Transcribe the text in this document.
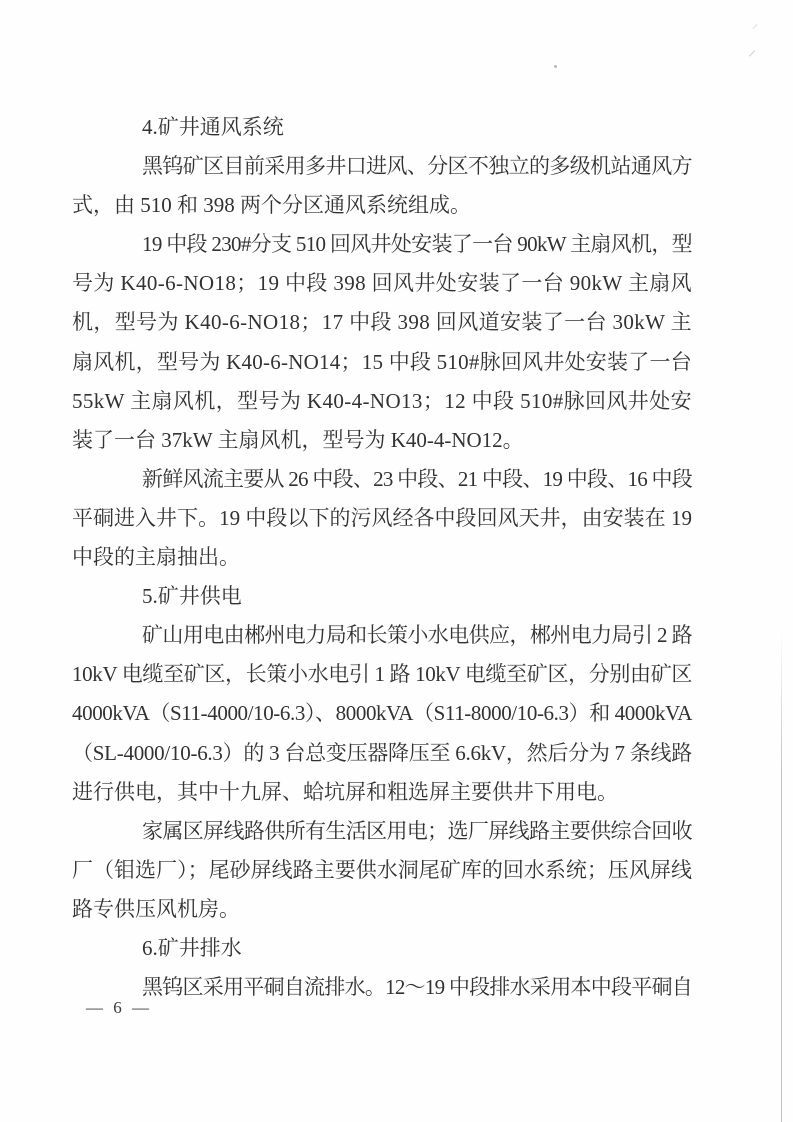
4.矿井通风系统
黑钨矿区目前采用多井口进风、分区不独立的多级机站通风方
式，由 510 和 398 两个分区通风系统组成。
19 中段 230#分支 510 回风井处安装了一台 90kW 主扇风机，型
号为 K40-6-NO18；19 中段 398 回风井处安装了一台 90kW 主扇风
机，型号为 K40-6-NO18；17 中段 398 回风道安装了一台 30kW 主
扇风机，型号为 K40-6-NO14；15 中段 510#脉回风井处安装了一台
55kW 主扇风机，型号为 K40-4-NO13；12 中段 510#脉回风井处安
装了一台 37kW 主扇风机，型号为 K40-4-NO12。
新鲜风流主要从 26 中段、23 中段、21 中段、19 中段、16 中段
平硐进入井下。19 中段以下的污风经各中段回风天井，由安装在 19
中段的主扇抽出。
5.矿井供电
矿山用电由郴州电力局和长策小水电供应，郴州电力局引 2 路
10kV 电缆至矿区，长策小水电引 1 路 10kV 电缆至矿区，分别由矿区
4000kVA（S11-4000/10-6.3）、8000kVA（S11-8000/10-6.3）和 4000kVA
（SL-4000/10-6.3）的 3 台总变压器降压至 6.6kV，然后分为 7 条线路
进行供电，其中十九屏、蛤坑屏和粗选屏主要供井下用电。
家属区屏线路供所有生活区用电；选厂屏线路主要供综合回收
厂（钼选厂）；尾砂屏线路主要供水洞尾矿库的回水系统；压风屏线
路专供压风机房。
6.矿井排水
黑钨区采用平硐自流排水。12～19 中段排水采用本中段平硐自
— 6 —
